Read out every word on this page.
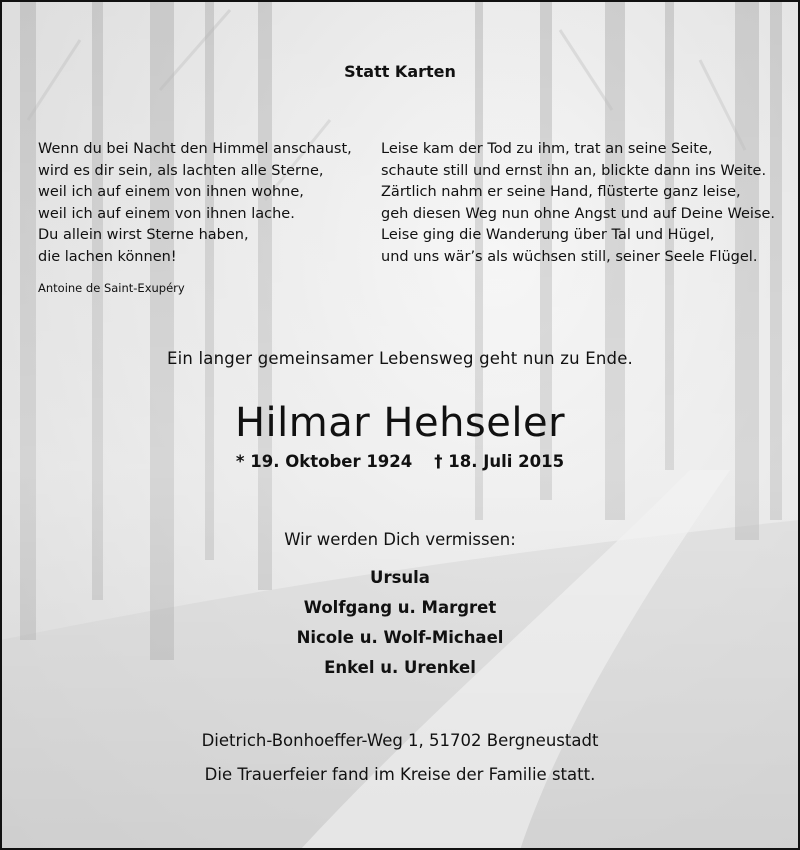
Statt Karten
Wenn du bei Nacht den Himmel anschaust,
wird es dir sein, als lachten alle Sterne,
weil ich auf einem von ihnen wohne,
weil ich auf einem von ihnen lache.
Du allein wirst Sterne haben,
die lachen können!
Antoine de Saint-Exupéry
Leise kam der Tod zu ihm, trat an seine Seite,
schaute still und ernst ihn an, blickte dann ins Weite.
Zärtlich nahm er seine Hand, flüsterte ganz leise,
geh diesen Weg nun ohne Angst und auf Deine Weise.
Leise ging die Wanderung über Tal und Hügel,
und uns wär’s als wüchsen still, seiner Seele Flügel.
Ein langer gemeinsamer Lebensweg geht nun zu Ende.
Hilmar Hehseler
* 19. Oktober 1924 † 18. Juli 2015
Wir werden Dich vermissen:
Ursula
Wolfgang u. Margret
Nicole u. Wolf-Michael
Enkel u. Urenkel
Dietrich-Bonhoeffer-Weg 1, 51702 Bergneustadt
Die Trauerfeier fand im Kreise der Familie statt.
